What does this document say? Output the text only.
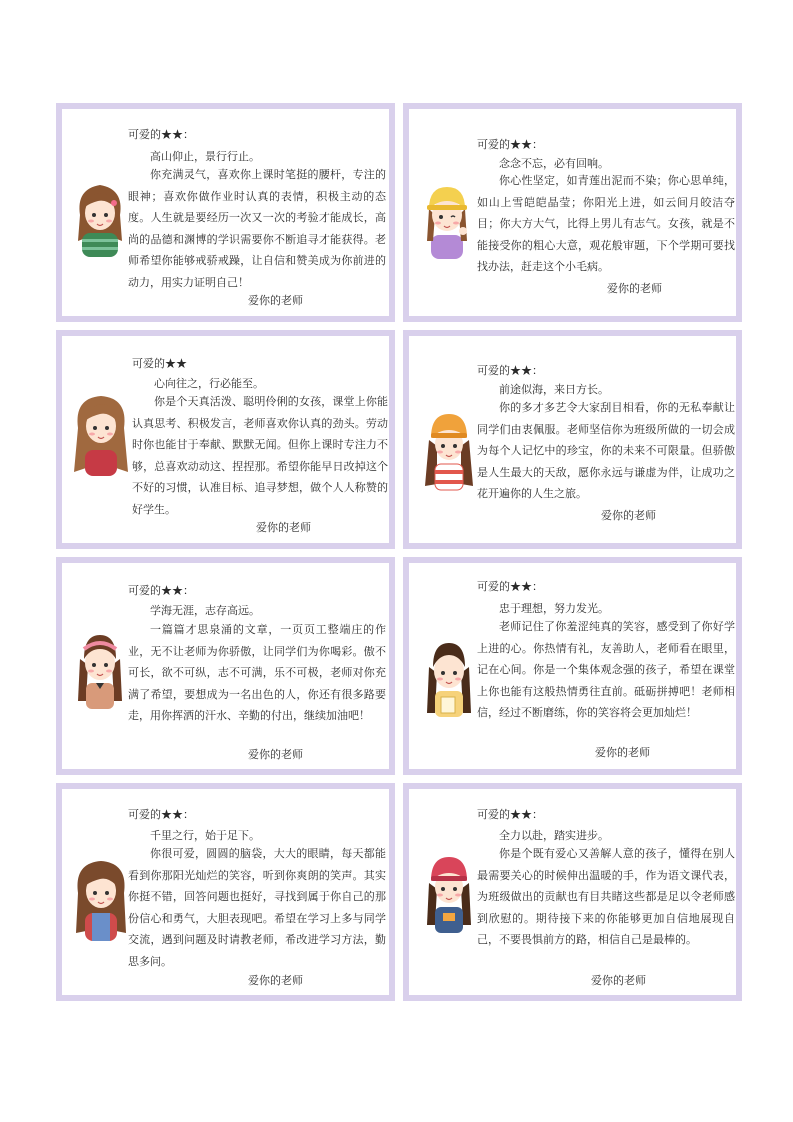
可爱的★★：
高山仰止，景行行止。
你充满灵气，喜欢你上课时笔挺的腰杆，专注的眼神；喜欢你做作业时认真的表情，积极主动的态度。人生就是要经历一次又一次的考验才能成长，高尚的品德和渊博的学识需要你不断追寻才能获得。老师希望你能够戒骄戒躁，让自信和赞美成为你前进的动力，用实力证明自己！
爱你的老师
可爱的★★：
念念不忘，必有回响。
你心性坚定，如青莲出泥而不染；你心思单纯，如山上雪皑皑晶莹；你阳光上进，如云间月皎洁夺目；你大方大气，比得上男儿有志气。女孩，就是不能接受你的粗心大意，观花般审题，下个学期可要找找办法，赶走这个小毛病。
爱你的老师
可爱的★★
心向往之，行必能至。
你是个天真活泼、聪明伶俐的女孩，课堂上你能认真思考、积极发言，老师喜欢你认真的劲头。劳动时你也能甘于奉献、默默无闻。但你上课时专注力不够，总喜欢动动这、捏捏那。希望你能早日改掉这个不好的习惯，认准目标、追寻梦想，做个人人称赞的好学生。
爱你的老师
可爱的★★：
前途似海，来日方长。
你的多才多艺令大家刮目相看，你的无私奉献让同学们由衷佩服。老师坚信你为班级所做的一切会成为每个人记忆中的珍宝，你的未来不可限量。但骄傲是人生最大的天敌，愿你永远与谦虚为伴，让成功之花开遍你的人生之旅。
爱你的老师
可爱的★★：
学海无涯，志存高远。
一篇篇才思泉涌的文章，一页页工整端庄的作业，无不让老师为你骄傲，让同学们为你喝彩。傲不可长，欲不可纵，志不可满，乐不可极，老师对你充满了希望，要想成为一名出色的人，你还有很多路要走，用你挥洒的汗水、辛勤的付出，继续加油吧！
爱你的老师
可爱的★★：
忠于理想，努力发光。
老师记住了你羞涩纯真的笑容，感受到了你好学上进的心。你热情有礼，友善助人，老师看在眼里，记在心间。你是一个集体观念强的孩子，希望在课堂上你也能有这般热情勇往直前。砥砺拼搏吧！老师相信，经过不断磨练，你的笑容将会更加灿烂！
爱你的老师
可爱的★★：
千里之行，始于足下。
你很可爱，圆圆的脑袋，大大的眼睛，每天都能看到你那阳光灿烂的笑容，听到你爽朗的笑声。其实你挺不错，回答问题也挺好，寻找到属于你自己的那份信心和勇气，大胆表现吧。希望在学习上多与同学交流，遇到问题及时请教老师，希改进学习方法，勤思多问。
爱你的老师
可爱的★★：
全力以赴，踏实进步。
你是个既有爱心又善解人意的孩子，懂得在别人最需要关心的时候伸出温暖的手，作为语文课代表，为班级做出的贡献也有目共睹这些都是足以令老师感到欣慰的。期待接下来的你能够更加自信地展现自己，不要畏惧前方的路，相信自己是最棒的。
爱你的老师
